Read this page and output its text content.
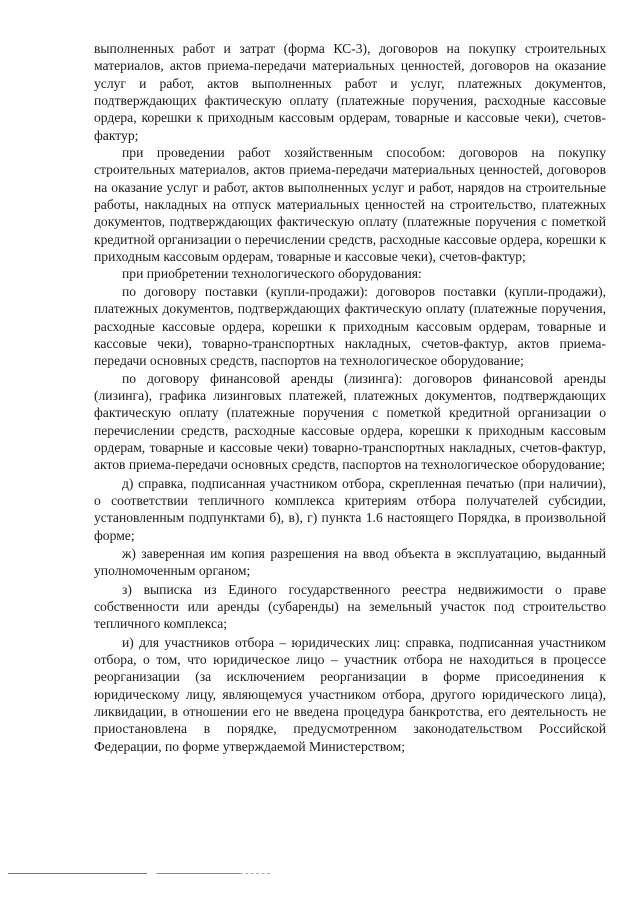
выполненных работ и затрат (форма КС-3), договоров на покупку строительных материалов, актов приема-передачи материальных ценностей, договоров на оказание услуг и работ, актов выполненных работ и услуг, платежных документов, подтверждающих фактическую оплату (платежные поручения, расходные кассовые ордера, корешки к приходным кассовым ордерам, товарные и кассовые чеки), счетов-фактур;

при проведении работ хозяйственным способом: договоров на покупку строительных материалов, актов приема-передачи материальных ценностей, договоров на оказание услуг и работ, актов выполненных услуг и работ, нарядов на строительные работы, накладных на отпуск материальных ценностей на строительство, платежных документов, подтверждающих фактическую оплату (платежные поручения с пометкой кредитной организации о перечислении средств, расходные кассовые ордера, корешки к приходным кассовым ордерам, товарные и кассовые чеки), счетов-фактур;

при приобретении технологического оборудования:

по договору поставки (купли-продажи): договоров поставки (купли-продажи), платежных документов, подтверждающих фактическую оплату (платежные поручения, расходные кассовые ордера, корешки к приходным кассовым ордерам, товарные и кассовые чеки), товарно-транспортных накладных, счетов-фактур, актов приема-передачи основных средств, паспортов на технологическое оборудование;

по договору финансовой аренды (лизинга): договоров финансовой аренды (лизинга), графика лизинговых платежей, платежных документов, подтверждающих фактическую оплату (платежные поручения с пометкой кредитной организации о перечислении средств, расходные кассовые ордера, корешки к приходным кассовым ордерам, товарные и кассовые чеки) товарно-транспортных накладных, счетов-фактур, актов приема-передачи основных средств, паспортов на технологическое оборудование;

д) справка, подписанная участником отбора, скрепленная печатью (при наличии), о соответствии тепличного комплекса критериям отбора получателей субсидии, установленным подпунктами б), в), г) пункта 1.6 настоящего Порядка, в произвольной форме;

ж) заверенная им копия разрешения на ввод объекта в эксплуатацию, выданный уполномоченным органом;

з) выписка из Единого государственного реестра недвижимости о праве собственности или аренды (субаренды) на земельный участок под строительство тепличного комплекса;

и) для участников отбора – юридических лиц: справка, подписанная участником отбора, о том, что юридическое лицо – участник отбора не находиться в процессе реорганизации (за исключением реорганизации в форме присоединения к юридическому лицу, являющемуся участником отбора, другого юридического лица), ликвидации, в отношении его не введена процедура банкротства, его деятельность не приостановлена в порядке, предусмотренном законодательством Российской Федерации, по форме утверждаемой Министерством;
